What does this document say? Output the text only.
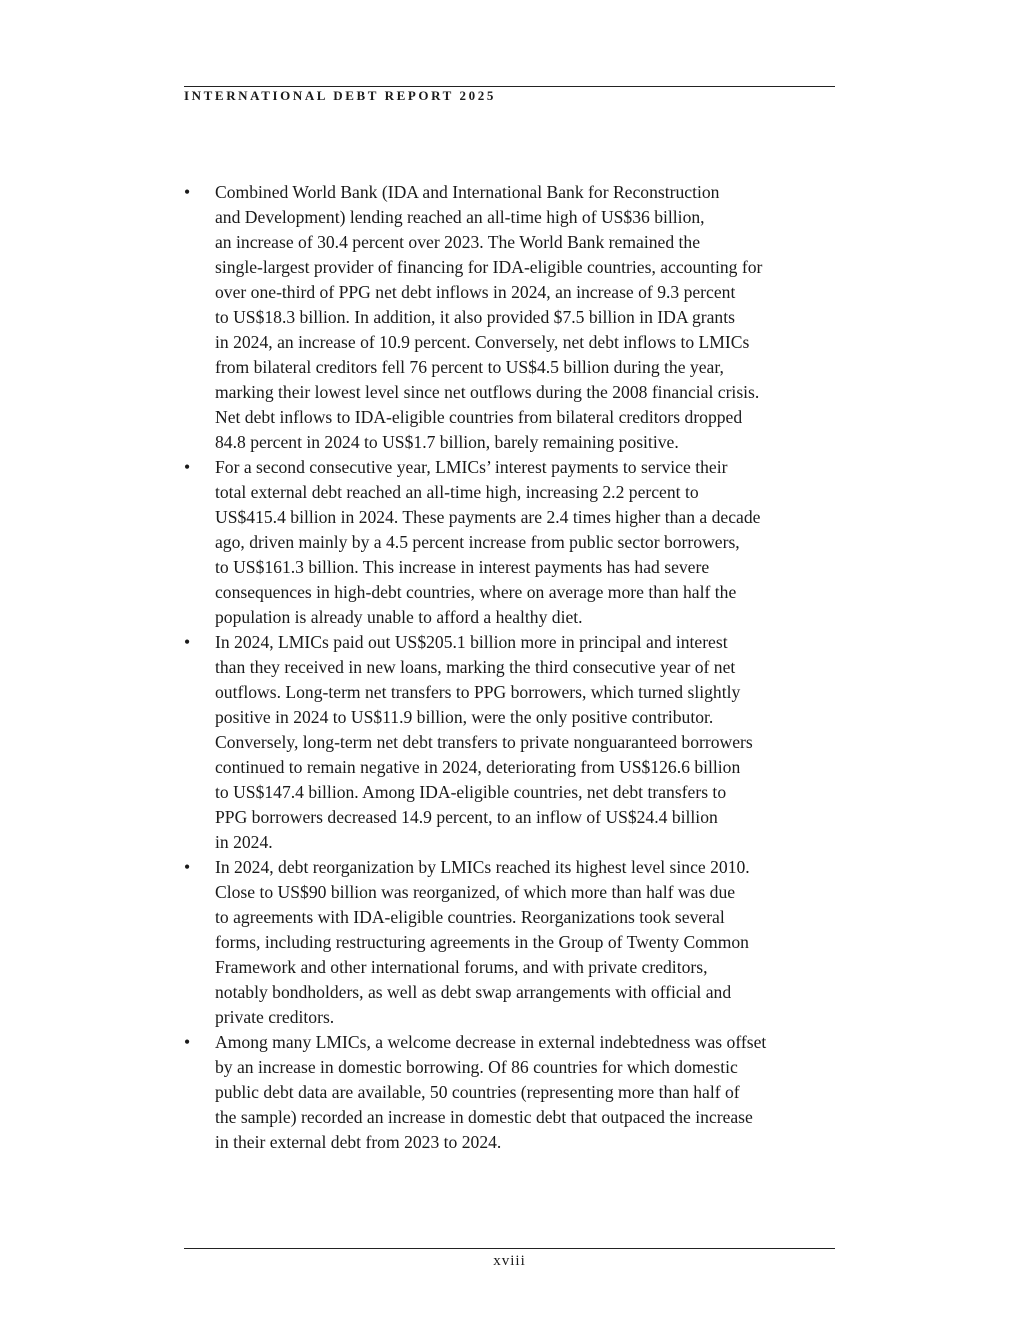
INTERNATIONAL DEBT REPORT 2025
•	Combined World Bank (IDA and International Bank for Reconstruction
and Development) lending reached an all-time high of US$36 billion,
an increase of 30.4 percent over 2023. The World Bank remained the
single-largest provider of financing for IDA-eligible countries, accounting for
over one-third of PPG net debt inflows in 2024, an increase of 9.3 percent
to US$18.3 billion. In addition, it also provided $7.5 billion in IDA grants
in 2024, an increase of 10.9 percent. Conversely, net debt inflows to LMICs
from bilateral creditors fell 76 percent to US$4.5 billion during the year,
marking their lowest level since net outflows during the 2008 financial crisis.
Net debt inflows to IDA-eligible countries from bilateral creditors dropped
84.8 percent in 2024 to US$1.7 billion, barely remaining positive.
•	For a second consecutive year, LMICs’ interest payments to service their
total external debt reached an all-time high, increasing 2.2 percent to
US$415.4 billion in 2024. These payments are 2.4 times higher than a decade
ago, driven mainly by a 4.5 percent increase from public sector borrowers,
to US$161.3 billion. This increase in interest payments has had severe
consequences in high-debt countries, where on average more than half the
population is already unable to afford a healthy diet.
•	In 2024, LMICs paid out US$205.1 billion more in principal and interest
than they received in new loans, marking the third consecutive year of net
outflows. Long-term net transfers to PPG borrowers, which turned slightly
positive in 2024 to US$11.9 billion, were the only positive contributor.
Conversely, long-term net debt transfers to private nonguaranteed borrowers
continued to remain negative in 2024, deteriorating from US$126.6 billion
to US$147.4 billion. Among IDA-eligible countries, net debt transfers to
PPG borrowers decreased 14.9 percent, to an inflow of US$24.4 billion
in 2024.
•	In 2024, debt reorganization by LMICs reached its highest level since 2010.
Close to US$90 billion was reorganized, of which more than half was due
to agreements with IDA-eligible countries. Reorganizations took several
forms, including restructuring agreements in the Group of Twenty Common
Framework and other international forums, and with private creditors,
notably bondholders, as well as debt swap arrangements with official and
private creditors.
•	Among many LMICs, a welcome decrease in external indebtedness was offset
by an increase in domestic borrowing. Of 86 countries for which domestic
public debt data are available, 50 countries (representing more than half of
the sample) recorded an increase in domestic debt that outpaced the increase
in their external debt from 2023 to 2024.
xviii
